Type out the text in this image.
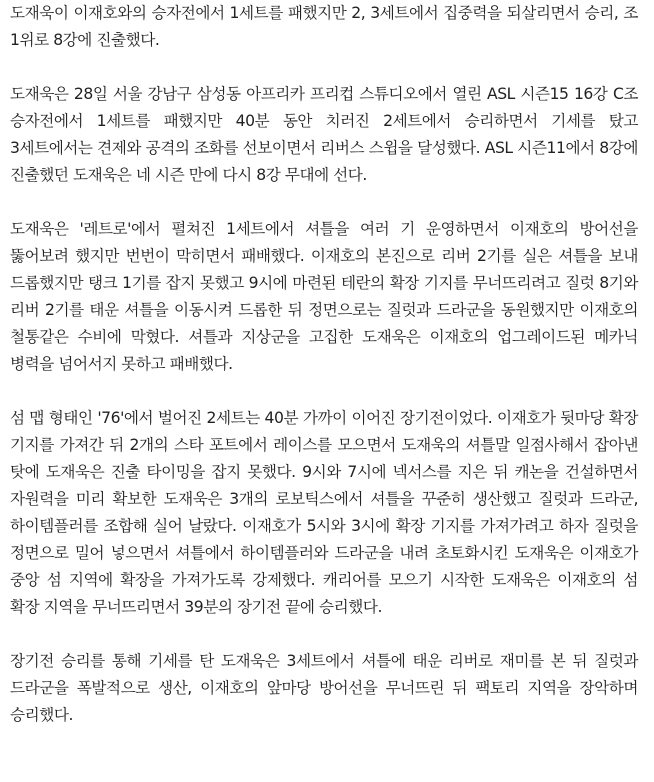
도재욱이 이재호와의 승자전에서 1세트를 패했지만 2, 3세트에서 집중력을 되살리면서 승리, 조 1위로 8강에 진출했다.

도재욱은 28일 서울 강남구 삼성동 아프리카 프리컵 스튜디오에서 열린 ASL 시즌15 16강 C조 승자전에서 1세트를 패했지만 40분 동안 치러진 2세트에서 승리하면서 기세를 탔고 3세트에서는 견제와 공격의 조화를 선보이면서 리버스 스윕을 달성했다. ASL 시즌11에서 8강에 진출했던 도재욱은 네 시즌 만에 다시 8강 무대에 선다.

도재욱은 '레트로'에서 펼쳐진 1세트에서 셔틀을 여러 기 운영하면서 이재호의 방어선을 뚫어보려 했지만 번번이 막히면서 패배했다. 이재호의 본진으로 리버 2기를 실은 셔틀을 보내 드롭했지만 탱크 1기를 잡지 못했고 9시에 마련된 테란의 확장 기지를 무너뜨리려고 질럿 8기와 리버 2기를 태운 셔틀을 이동시켜 드롭한 뒤 정면으로는 질럿과 드라군을 동원했지만 이재호의 철통같은 수비에 막혔다. 셔틀과 지상군을 고집한 도재욱은 이재호의 업그레이드된 메카닉 병력을 넘어서지 못하고 패배했다.

섬 맵 형태인 '76'에서 벌어진 2세트는 40분 가까이 이어진 장기전이었다. 이재호가 뒷마당 확장 기지를 가져간 뒤 2개의 스타 포트에서 레이스를 모으면서 도재욱의 셔틀말 일점사해서 잡아낸 탓에 도재욱은 진출 타이밍을 잡지 못했다. 9시와 7시에 넥서스를 지은 뒤 캐논을 건설하면서 자원력을 미리 확보한 도재욱은 3개의 로보틱스에서 셔틀을 꾸준히 생산했고 질럿과 드라군, 하이템플러를 조합해 실어 날랐다. 이재호가 5시와 3시에 확장 기지를 가져가려고 하자 질럿을 정면으로 밀어 넣으면서 셔틀에서 하이템플러와 드라군을 내려 초토화시킨 도재욱은 이재호가 중앙 섬 지역에 확장을 가져가도록 강제했다. 캐리어를 모으기 시작한 도재욱은 이재호의 섬 확장 지역을 무너뜨리면서 39분의 장기전 끝에 승리했다.

장기전 승리를 통해 기세를 탄 도재욱은 3세트에서 셔틀에 태운 리버로 재미를 본 뒤 질럿과 드라군을 폭발적으로 생산, 이재호의 앞마당 방어선을 무너뜨린 뒤 팩토리 지역을 장악하며 승리했다.
